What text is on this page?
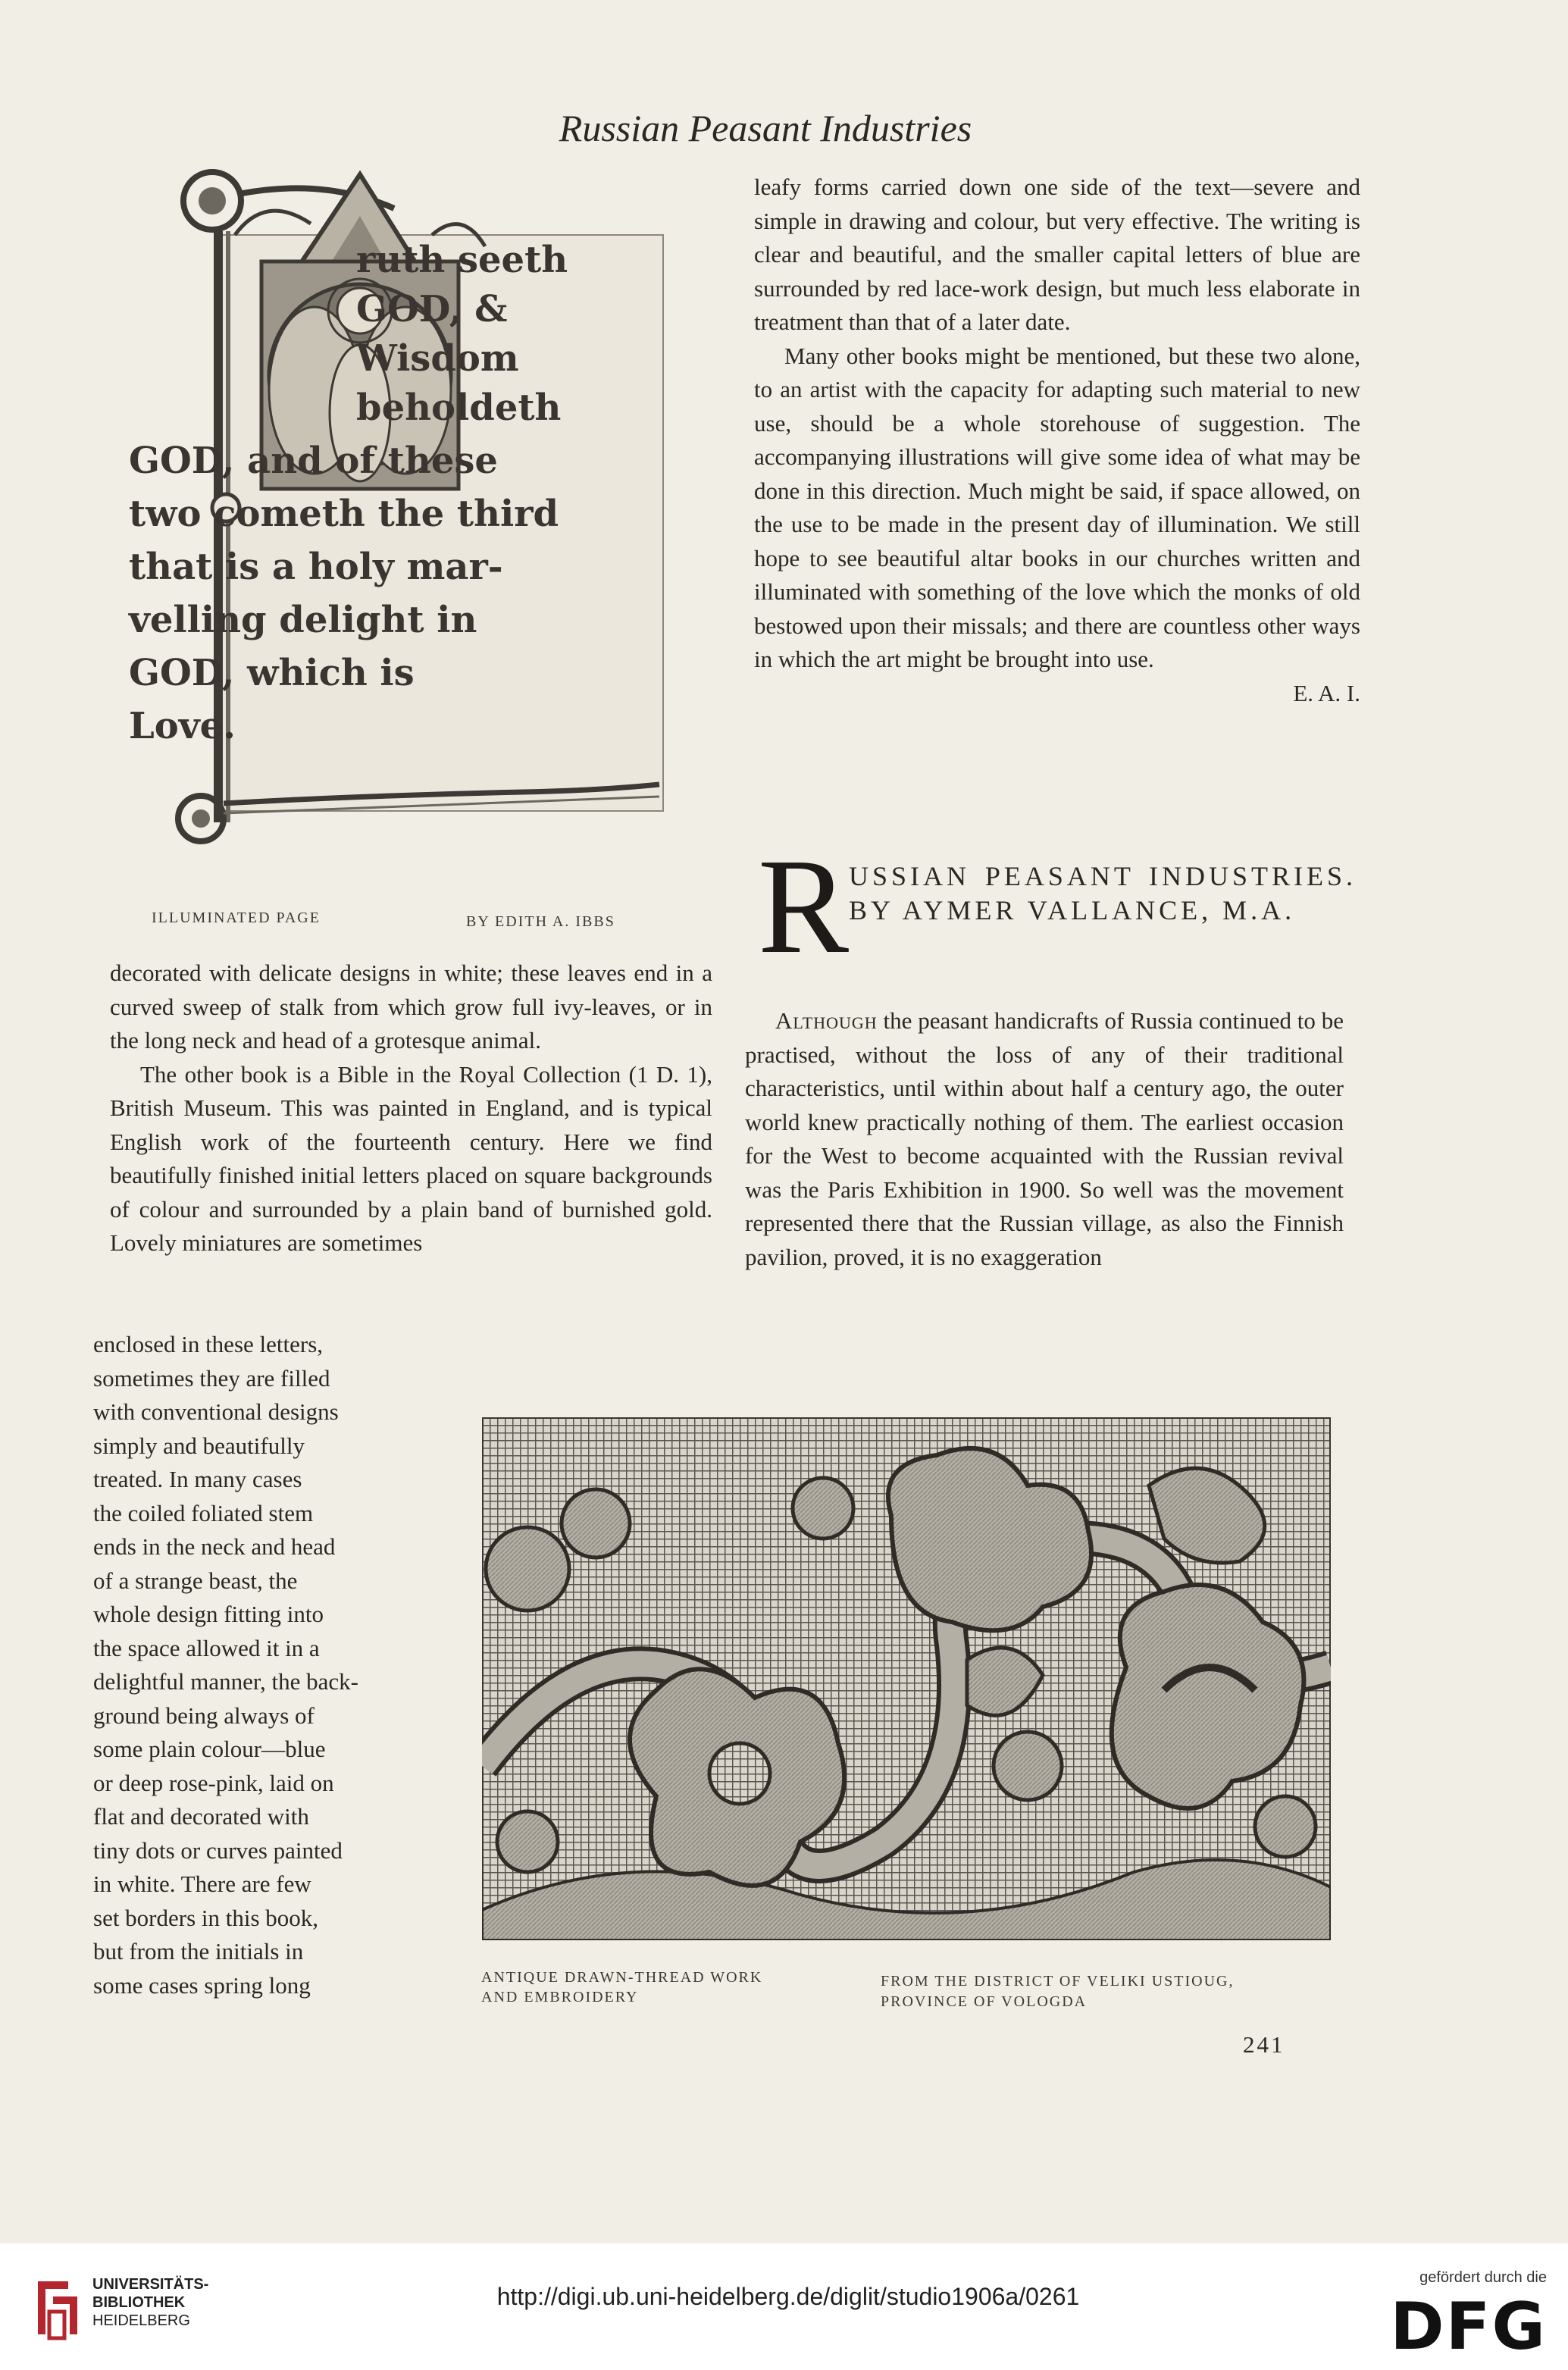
Russian Peasant Industries
ruth seeth
GOD, &
Wisdom
beholdeth
GOD, and of these
two cometh the third
that is a holy mar-
velling delight in
GOD, which is
Love.
ILLUMINATED PAGE	BY EDITH A. IBBS

decorated with delicate designs in white; these leaves end in a curved sweep of stalk from which grow full ivy-leaves, or in the long neck and head of a grotesque animal.

The other book is a Bible in the Royal Collection (1 D. 1), British Museum. This was painted in England, and is typical English work of the fourteenth century. Here we find beautifully finished initial letters placed on square backgrounds of colour and surrounded by a plain band of burnished gold. Lovely miniatures are sometimes

enclosed in these letters,
sometimes they are filled
with conventional designs
simply and beautifully
treated. In many cases
the coiled foliated stem
ends in the neck and head
of a strange beast, the
whole design fitting into
the space allowed it in a
delightful manner, the back-
ground being always of
some plain colour—blue
or deep rose-pink, laid on
flat and decorated with
tiny dots or curves painted
in white. There are few
set borders in this book,
but from the initials in
some cases spring long

leafy forms carried down one side of the text—severe and simple in drawing and colour, but very effective. The writing is clear and beautiful, and the smaller capital letters of blue are surrounded by red lace-work design, but much less elaborate in treatment than that of a later date.

Many other books might be mentioned, but these two alone, to an artist with the capacity for adapting such material to new use, should be a whole storehouse of suggestion. The accompanying illustrations will give some idea of what may be done in this direction. Much might be said, if space allowed, on the use to be made in the present day of illumination. We still hope to see beautiful altar books in our churches written and illuminated with something of the love which the monks of old bestowed upon their missals; and there are countless other ways in which the art might be brought into use.

E. A. I.

R USSIAN PEASANT INDUSTRIES. BY AYMER VALLANCE, M.A.

Although the peasant handicrafts of Russia continued to be practised, without the loss of any of their traditional characteristics, until within about half a century ago, the outer world knew practically nothing of them. The earliest occasion for the West to become acquainted with the Russian revival was the Paris Exhibition in 1900. So well was the movement represented there that the Russian village, as also the Finnish pavilion, proved, it is no exaggeration

ANTIQUE DRAWN-THREAD WORK
AND EMBROIDERY
FROM THE DISTRICT OF VELIKI USTIOUG,
PROVINCE OF VOLOGDA
241
UNIVERSITÄTS-
BIBLIOTHEK
HEIDELBERG
http://digi.ub.uni-heidelberg.de/diglit/studio1906a/0261
gefördert durch die
DFG
